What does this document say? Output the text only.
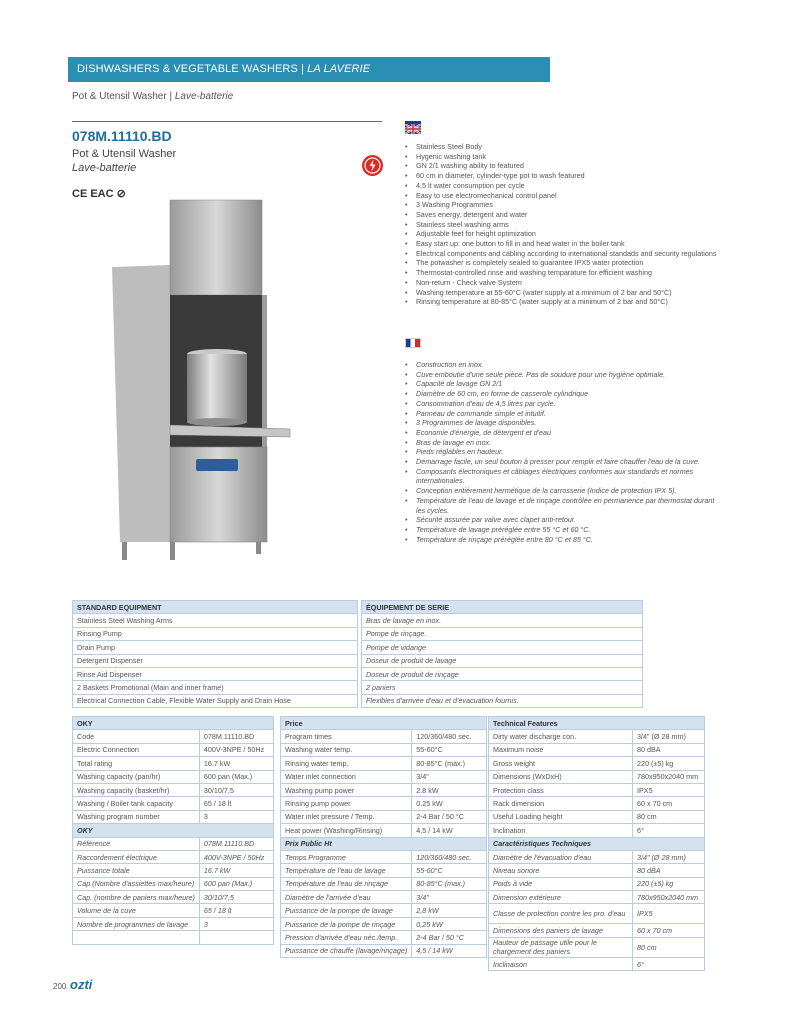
DISHWASHERS & VEGETABLE WASHERS | LA LAVERIE
Pot & Utensil Washer | Lave-batterie
078M.11110.BD
Pot & Utensil Washer
Lave-batterie
CE EAC ⊘
• Stainless Steel Body
• Hygenic washing tank
• GN 2/1 washing ability to featured
• 60 cm in diameter, cylinder-type pot to wash featured
• 4,5 lt water consumption per cycle
• Easy to use electromechanical control panel
• 3 Washing Programmes
• Saves energy, detergent and water
• Stainless steel washing arms
• Adjustable feet for height optimization
• Easy start up: one button to fill in and heat water in the boiler tank
• Electrical components and cabling according to international standads and security regulations
• The potwasher is completely sealed to guarantee IPX5 water protection
• Thermostat-controlled rinse and washing temparature for efficient washing
• Non-return - Check valve System
• Washing temperature at 55-60°C (water supply at a minimum of 2 bar and 50°C)
• Rinsing temperature at 80-85°C (water supply at a minimum of 2 bar and 50°C)
• Construction en inox.
• Cuve emboutie d'une seule pièce. Pas de soudure pour une hygiène optimale.
• Capacité de lavage GN 2/1
• Diamètre de 60 cm, en forme de casserole cylindrique
• Consommation d'eau de 4,5 litres par cycle.
• Panneau de commande simple et intuitif.
• 3 Programmes de lavage disponibles.
• Economie d'énergie, de détergent et d'eau
• Bras de lavage en inox.
• Pieds réglables en hauteur.
• Démarrage facile, un seul bouton à presser pour remplir et faire chauffer l'eau de la cuve.
• Composants électroniques et câblages électriques conformes aux standards et normes internationales.
• Conception entièrement hermétique de la carrosserie (Indice de protection IPX 5).
• Température de l'eau de lavage et de rinçage contrôlée en permanence par thermostat durant les cycles.
• Sécurité assurée par valve avec clapet anti-retour.
• Température de lavage préréglée entre 55 °C et 60 °C.
• Température de rinçage préréglée entre 80 °C et 85 °C.
STANDARD EQUIPMENT		ÉQUIPEMENT DE SERIE
Stainless Steel Washing Arms		Bras de lavage en inox.
Rinsing Pump		Pompe de rinçage.
Drain Pump		Pompe de vidange
Detergent Dispenser		Doseur de produit de lavage
Rinse Aid Dispenser		Doseur de produit de rinçage
2 Baskets Promotional (Main and inner frame)		2 paniers
Electrical Connection Cable, Flexible Water Supply and Drain Hose		Flexibles d'arrivée d'eau et d'évacuation fournis.
OKY	
Code	078M.11110.BD
Electric Connection	400V-3NPE / 50Hz
Total rating	16.7 kW
Washing capacity (pan/hr)	600 pan (Max.)
Washing capacity (basket/hr)	30/10/7,5
Washing / Boiler tank capacity	65 / 18 lt
Washing program number	3
OKY	
Référence	078M.11110.BD
Raccordement électrique	400V-3NPE / 50Hz
Puissance totale	16.7 kW
Cap.(Nombre d'assiettes max/heure)	600 pan (Max.)
Cap. (nombre de paniers max/heure)	30/10/7,5
Volume de la cuve	65 / 18 lt
Nombre de programmes de lavage	3

Price	
Program times	120/360/480 sec.
Washing water temp.	55-60°C
Rinsing water temp.	80-85°C (max.)
Water inlet connection	3/4"
Washing pump power	2.8 kW
Rinsing pump power	0.25 kW
Water inlet pressure / Temp.	2-4 Bar / 50 °C
Heat power (Washing/Rinsing)	4,5 / 14 kW
Prix Public Ht	
Temps Programme	120/360/480 sec.
Température de l'eau de lavage	55-60°C
Température de l'eau de rinçage	80-85°C (max.)
Diamètre de l'arrivée d'eau	3/4"
Puissance de la pompe de lavage	2,8 kW
Puissance de la pompe de rinçage	0,25 kW
Pression d'arrivée d'eau néc./temp.	2-4 Bar / 50 °C
Puissance de chauffe (lavage/rinçage)	4,5 / 14 kW
Technical Features	
Dirty water discharge con.	3/4" (Ø 28 mm)
Maximum noise	80 dBA
Gross weight	220 (±5) kg
Dimensions (WxDxH)	780x950x2040 mm
Protection class	IPX5
Rack dimension	60 x 70 cm
Useful Loading height	80 cm
Inclination	6°
Caractéristiques Techniques	
Diamètre de l'évacuation d'eau	3/4" (Ø 28 mm)
Niveau sonore	80 dBA
Poids à vide	220 (±5) kg
Dimension extérieure	780x950x2040 mm
Classe de protection contre les pro. d'eau	IPX5
Dimensions des paniers de lavage	60 x 70 cm
Hauteur de passage utile pour le chargement des paniers	80 cm
Inclinaison	6°
200 ozti
